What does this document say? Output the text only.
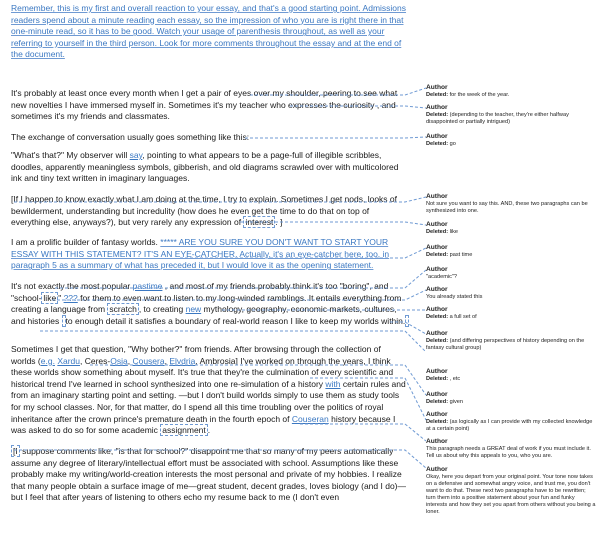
Remember, this is my first and overall reaction to your essay, and that's a good starting point. Admissions readers spend about a minute reading each essay, so the impression of who you are is right there in that one-minute read, so it has to be good. Watch your usage of parenthesis throughout, as well as your referring to yourself in the third person. Look for more comments throughout the essay and at the end of the document.

It's probably at least once every month when I get a pair of eyes over my shoulder, peering to see what new novelties I have immersed myself in. Sometimes it's my teacher who expresses the curiosity , and sometimes it's my friends and classmates.

The exchange of conversation usually goes something like this:

"What's that?" My observer will say, pointing to what appears to be a page-full of illegible scribbles, doodles, apparently meaningless symbols, gibberish, and old diagrams scrawled over with multicolored ink and tiny text written in imaginary languages.

[If I happen to know exactly what I am doing at the time, I try to explain. Sometimes I get nods, looks of bewilderment, understanding but incredulity (how does he even get the time to do that on top of everything else, anyways?), but very rarely any expression of interest . ]

I am a prolific builder of fantasy worlds. ***** ARE YOU SURE YOU DON'T WANT TO START YOUR ESSAY WITH THIS STATEMENT? IT'S AN EYE-CATCHER. Actually, it's an eye-catcher here, too, in paragraph 5 as a summary of what has preceded it, but I would love it as the opening statement.

It's not exactly the most popular pastime , and most of my friends probably think it's too "boring", and "school- like " ??? for them to even want to listen to my long-winded ramblings. It entails everything from creating a language from scratch , to creating new mythology, geography, economic markets, cultures, and histories to enough detail it satisfies a boundary of real-world reason I like to keep my worlds within.

Sometimes I get that question, "Why bother?" from friends. After browsing through the collection of worlds (e.g. Xardu, Ceres-Osia, Cousera, Elvdria, Ambrosia] I've worked on through the years, I think these worlds show something about myself. It's true that they're the culmination of every scientific and historical trend I've learned in school synthesized into one re-simulation of a history with certain rules and from an imaginary starting point and setting. —but I don't build worlds simply to use them as study tools for my school classes. Nor, for that matter, do I spend all this time troubling over the politics of royal inheritance after the crown prince's premature death in the fourth epoch of Couseran history because I was asked to do so for some academic assignment .

[I suppose comments like, "is that for school?" disappoint me that so many of my peers automatically assume any degree of literary/intellectual effort must be associated with school. Assumptions like these probably make my writing/world-creation interests the most personal and private of my hobbies. I realize that many people obtain a surface image of me—great student, decent grades, loves biology (and I do)—but I feel that after years of listening to others echo my resume back to me (I don't even

Author
Deleted: for the week of the year.
Author
Deleted: (depending to the teacher, they're either halfway disappointed or partially intrigued)
Author
Deleted: go
Author
Not sure you want to say this. AND, these two paragraphs can be synthesized into one.
Author
Deleted: like
Author
Deleted: past time
Author
"academic"?
Author
You already stated this
Author
Deleted: a full set of
Author
Deleted: (and differing perspectives of history depending on the fantasy cultural group)
Author
Deleted: , etc
Author
Deleted: given
Author
Deleted: (as logically as I can provide with my collected knowledge at a certain point)
Author
This paragraph needs a GREAT deal of work if you must include it. Tell us about why this appeals to you, who you are.
Author
Okay, here you depart from your original point. Your tone now takes on a defensive and somewhat angry voice, and trust me, you don't want to do that. These next two paragraphs have to be rewritten; turn them into a positive statement about your fun and funky interests and how they set you apart from others without you being a loner.
